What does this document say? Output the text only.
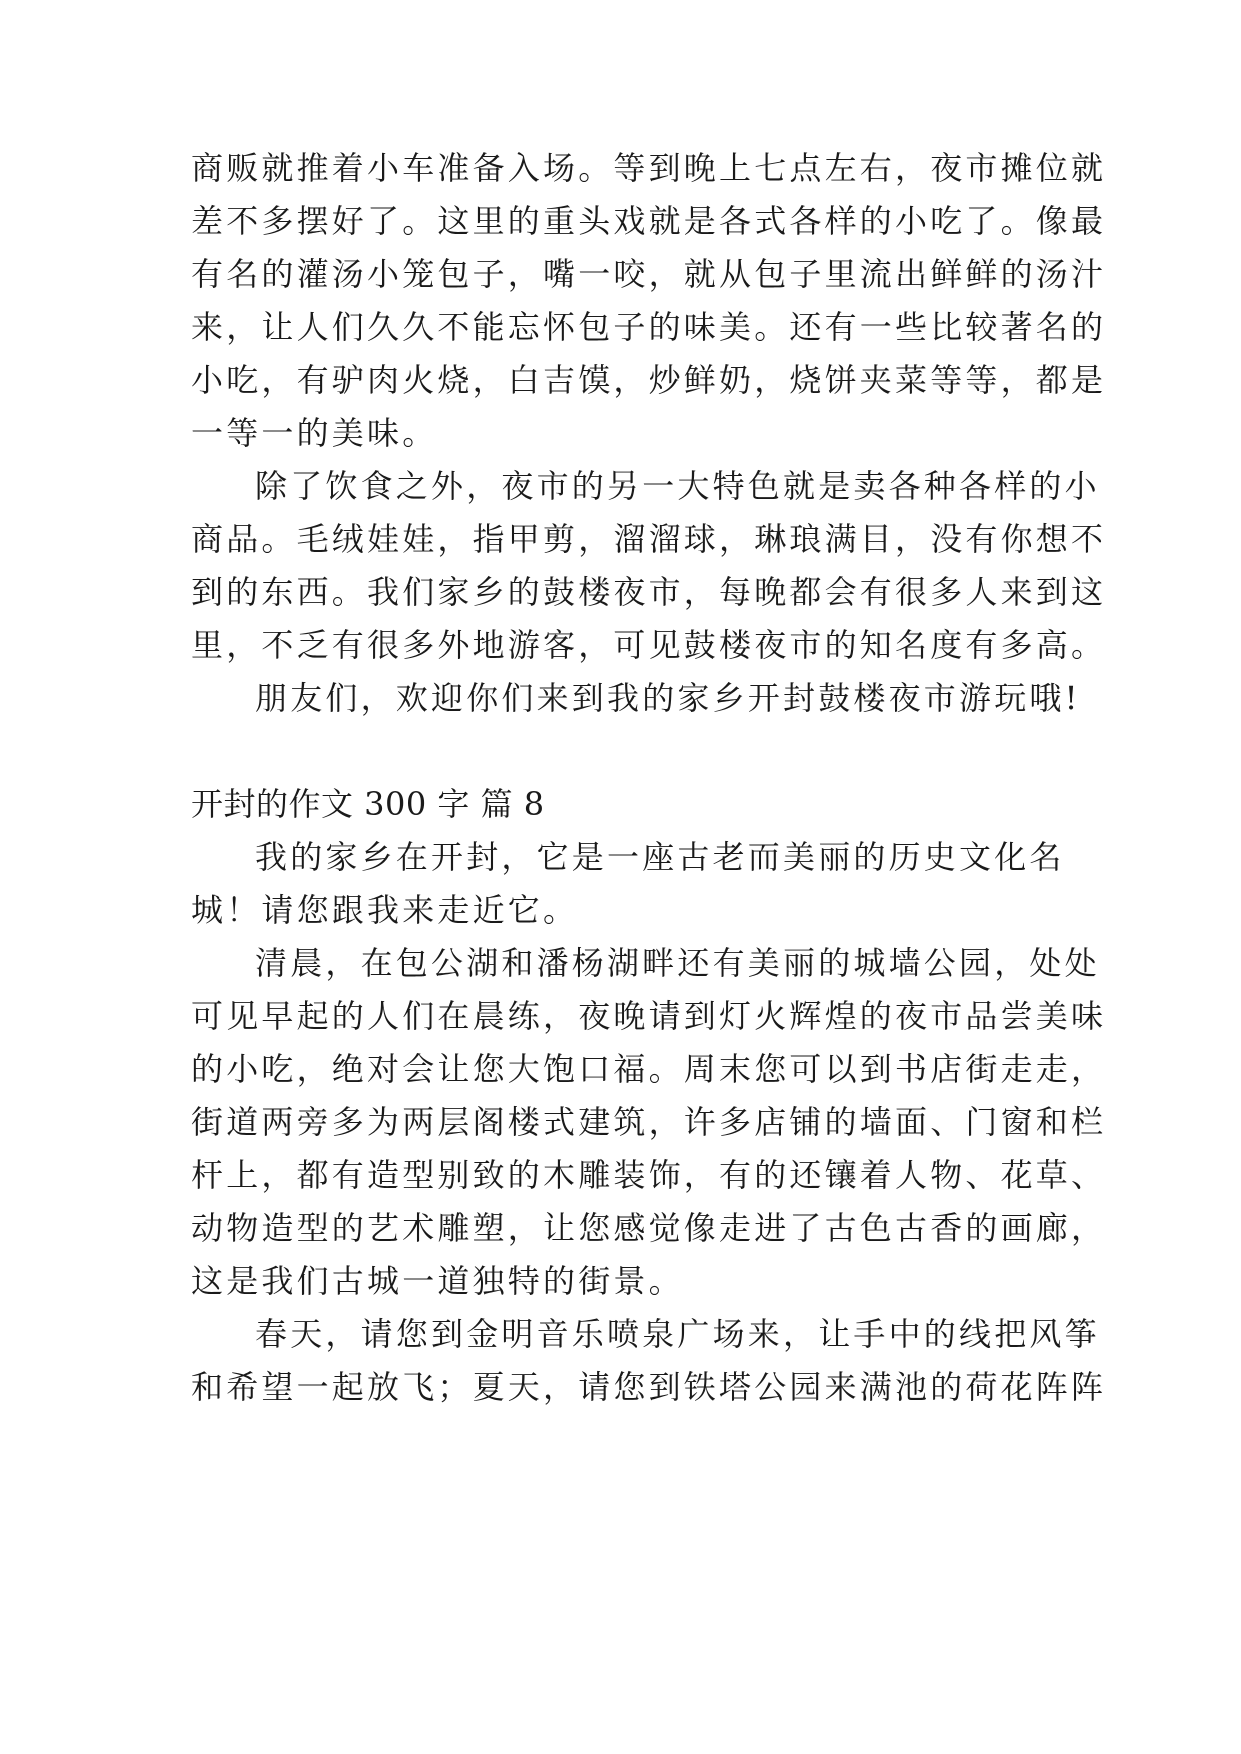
商贩就推着小车准备入场。等到晚上七点左右，夜市摊位就
差不多摆好了。这里的重头戏就是各式各样的小吃了。像最
有名的灌汤小笼包子，嘴一咬，就从包子里流出鲜鲜的汤汁
来，让人们久久不能忘怀包子的味美。还有一些比较著名的
小吃，有驴肉火烧，白吉馍，炒鲜奶，烧饼夹菜等等，都是
一等一的美味。
除了饮食之外，夜市的另一大特色就是卖各种各样的小
商品。毛绒娃娃，指甲剪，溜溜球，琳琅满目，没有你想不
到的东西。我们家乡的鼓楼夜市，每晚都会有很多人来到这
里，不乏有很多外地游客，可见鼓楼夜市的知名度有多高。
朋友们，欢迎你们来到我的家乡开封鼓楼夜市游玩哦!
开封的作文 300 字 篇 8
我的家乡在开封，它是一座古老而美丽的历史文化名
城！请您跟我来走近它。
清晨，在包公湖和潘杨湖畔还有美丽的城墙公园，处处
可见早起的人们在晨练，夜晚请到灯火辉煌的夜市品尝美味
的小吃，绝对会让您大饱口福。周末您可以到书店街走走，
街道两旁多为两层阁楼式建筑，许多店铺的墙面、门窗和栏
杆上，都有造型别致的木雕装饰，有的还镶着人物、花草、
动物造型的艺术雕塑，让您感觉像走进了古色古香的画廊，
这是我们古城一道独特的街景。
春天，请您到金明音乐喷泉广场来，让手中的线把风筝
和希望一起放飞；夏天，请您到铁塔公园来满池的荷花阵阵
